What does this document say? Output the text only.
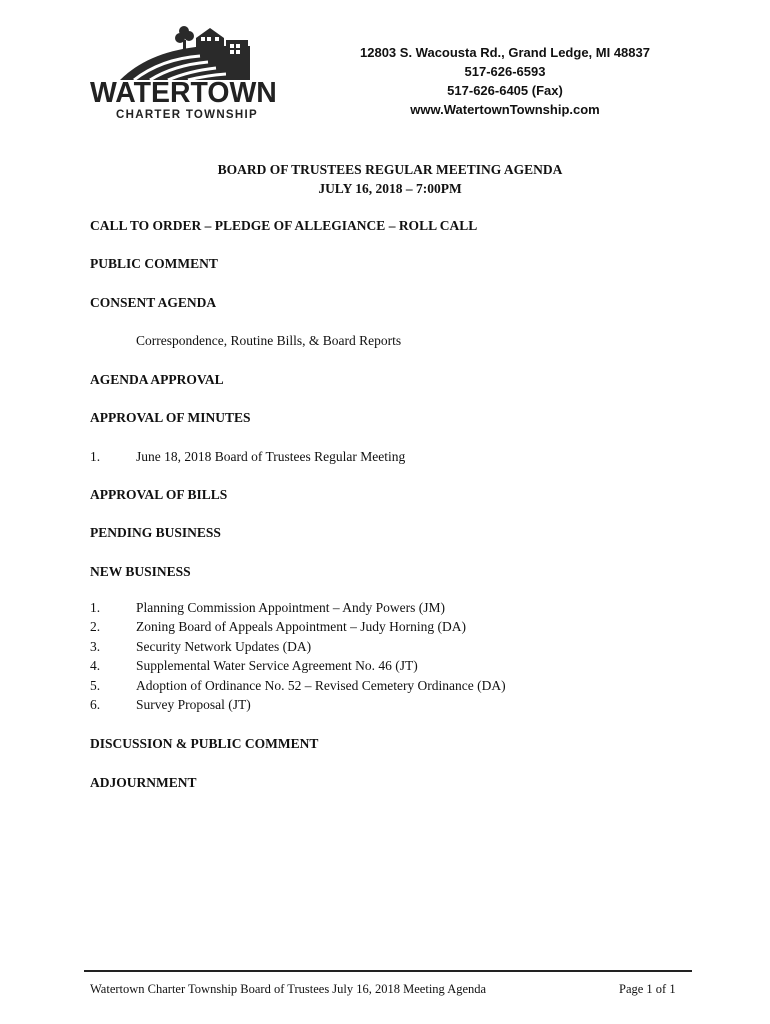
WATERTOWN
CHARTER TOWNSHIP
12803 S. Wacousta Rd., Grand Ledge, MI 48837
517-626-6593
517-626-6405 (Fax)
www.WatertownTownship.com
BOARD OF TRUSTEES REGULAR MEETING AGENDA
JULY 16, 2018 – 7:00PM
CALL TO ORDER – PLEDGE OF ALLEGIANCE – ROLL CALL
PUBLIC COMMENT
CONSENT AGENDA
Correspondence, Routine Bills, & Board Reports
AGENDA APPROVAL
APPROVAL OF MINUTES
1.	June 18, 2018 Board of Trustees Regular Meeting
APPROVAL OF BILLS
PENDING BUSINESS
NEW BUSINESS
1.	Planning Commission Appointment – Andy Powers (JM)
2.	Zoning Board of Appeals Appointment – Judy Horning (DA)
3.	Security Network Updates (DA)
4.	Supplemental Water Service Agreement No. 46 (JT)
5.	Adoption of Ordinance No. 52 – Revised Cemetery Ordinance (DA)
6.	Survey Proposal (JT)
DISCUSSION & PUBLIC COMMENT
ADJOURNMENT
Watertown Charter Township Board of Trustees July 16, 2018 Meeting Agenda	Page 1 of 1
